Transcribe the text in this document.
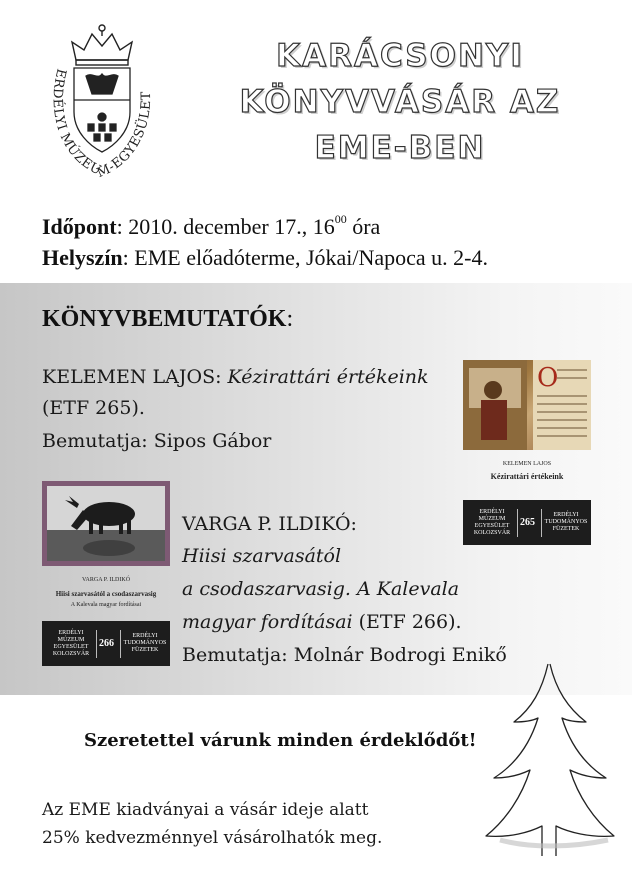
ERDÉLYI MÚZEUM-EGYESÜLET
KARÁCSONYI
KÖNYVVÁSÁR AZ
EME-BEN
Időpont: 2010. december 17., $16^{00}$ óra
Helyszín: EME előadóterme, Jókai/Napoca u. 2-4.
KÖNYVBEMUTATÓK:
KELEMEN LAJOS: Kézirattári értékeink
(ETF 265).
Bemutatja: Sipos Gábor
O
KELEMEN LAJOS
Kézirattári értékeink
ERDÉLYI
MÚZEUM
EGYESÜLET
KOLOZSVÁR
265
ERDÉLYI
TUDOMÁNYOS
FÜZETEK
VARGA P. ILDIKÓ
Hiisi szarvasától a csodaszarvasig
A Kalevala magyar fordításai
ERDÉLYI
MÚZEUM
EGYESÜLET
KOLOZSVÁR
266
ERDÉLYI
TUDOMÁNYOS
FÜZETEK
VARGA P. ILDIKÓ:
Hiisi szarvasától
a csodaszarvasig. A Kalevala
magyar fordításai (ETF 266).
Bemutatja: Molnár Bodrogi Enikő
Szeretettel várunk minden érdeklődőt!
Az EME kiadványai a vásár ideje alatt
25% kedvezménnyel vásárolhatók meg.
